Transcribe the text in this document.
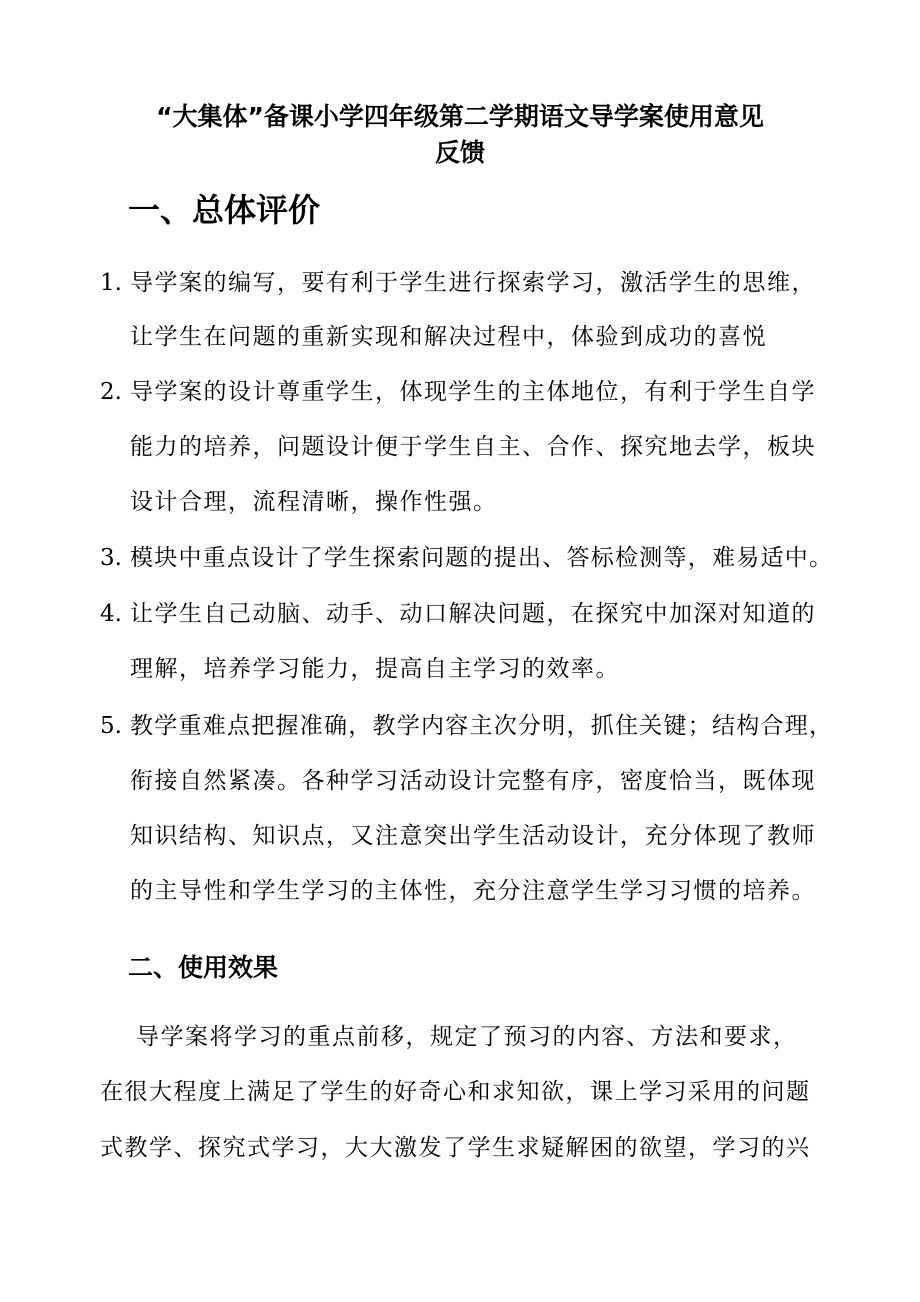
“大集体”备课小学四年级第二学期语文导学案使用意见

反馈

一、总体评价
1. 导学案的编写，要有利于学生进行探索学习，激活学生的思维，
让学生在问题的重新实现和解决过程中，体验到成功的喜悦
2. 导学案的设计尊重学生，体现学生的主体地位，有利于学生自学
能力的培养，问题设计便于学生自主、合作、探究地去学，板块
设计合理，流程清晰，操作性强。
3. 模块中重点设计了学生探索问题的提出、答标检测等，难易适中。
4. 让学生自己动脑、动手、动口解决问题，在探究中加深对知道的
理解，培养学习能力，提高自主学习的效率。
5. 教学重难点把握准确，教学内容主次分明，抓住关键；结构合理，
衔接自然紧凑。各种学习活动设计完整有序，密度恰当，既体现
知识结构、知识点，又注意突出学生活动设计，充分体现了教师
的主导性和学生学习的主体性，充分注意学生学习习惯的培养。
二、使用效果
导学案将学习的重点前移，规定了预习的内容、方法和要求，
在很大程度上满足了学生的好奇心和求知欲，课上学习采用的问题
式教学、探究式学习，大大激发了学生求疑解困的欲望，学习的兴
